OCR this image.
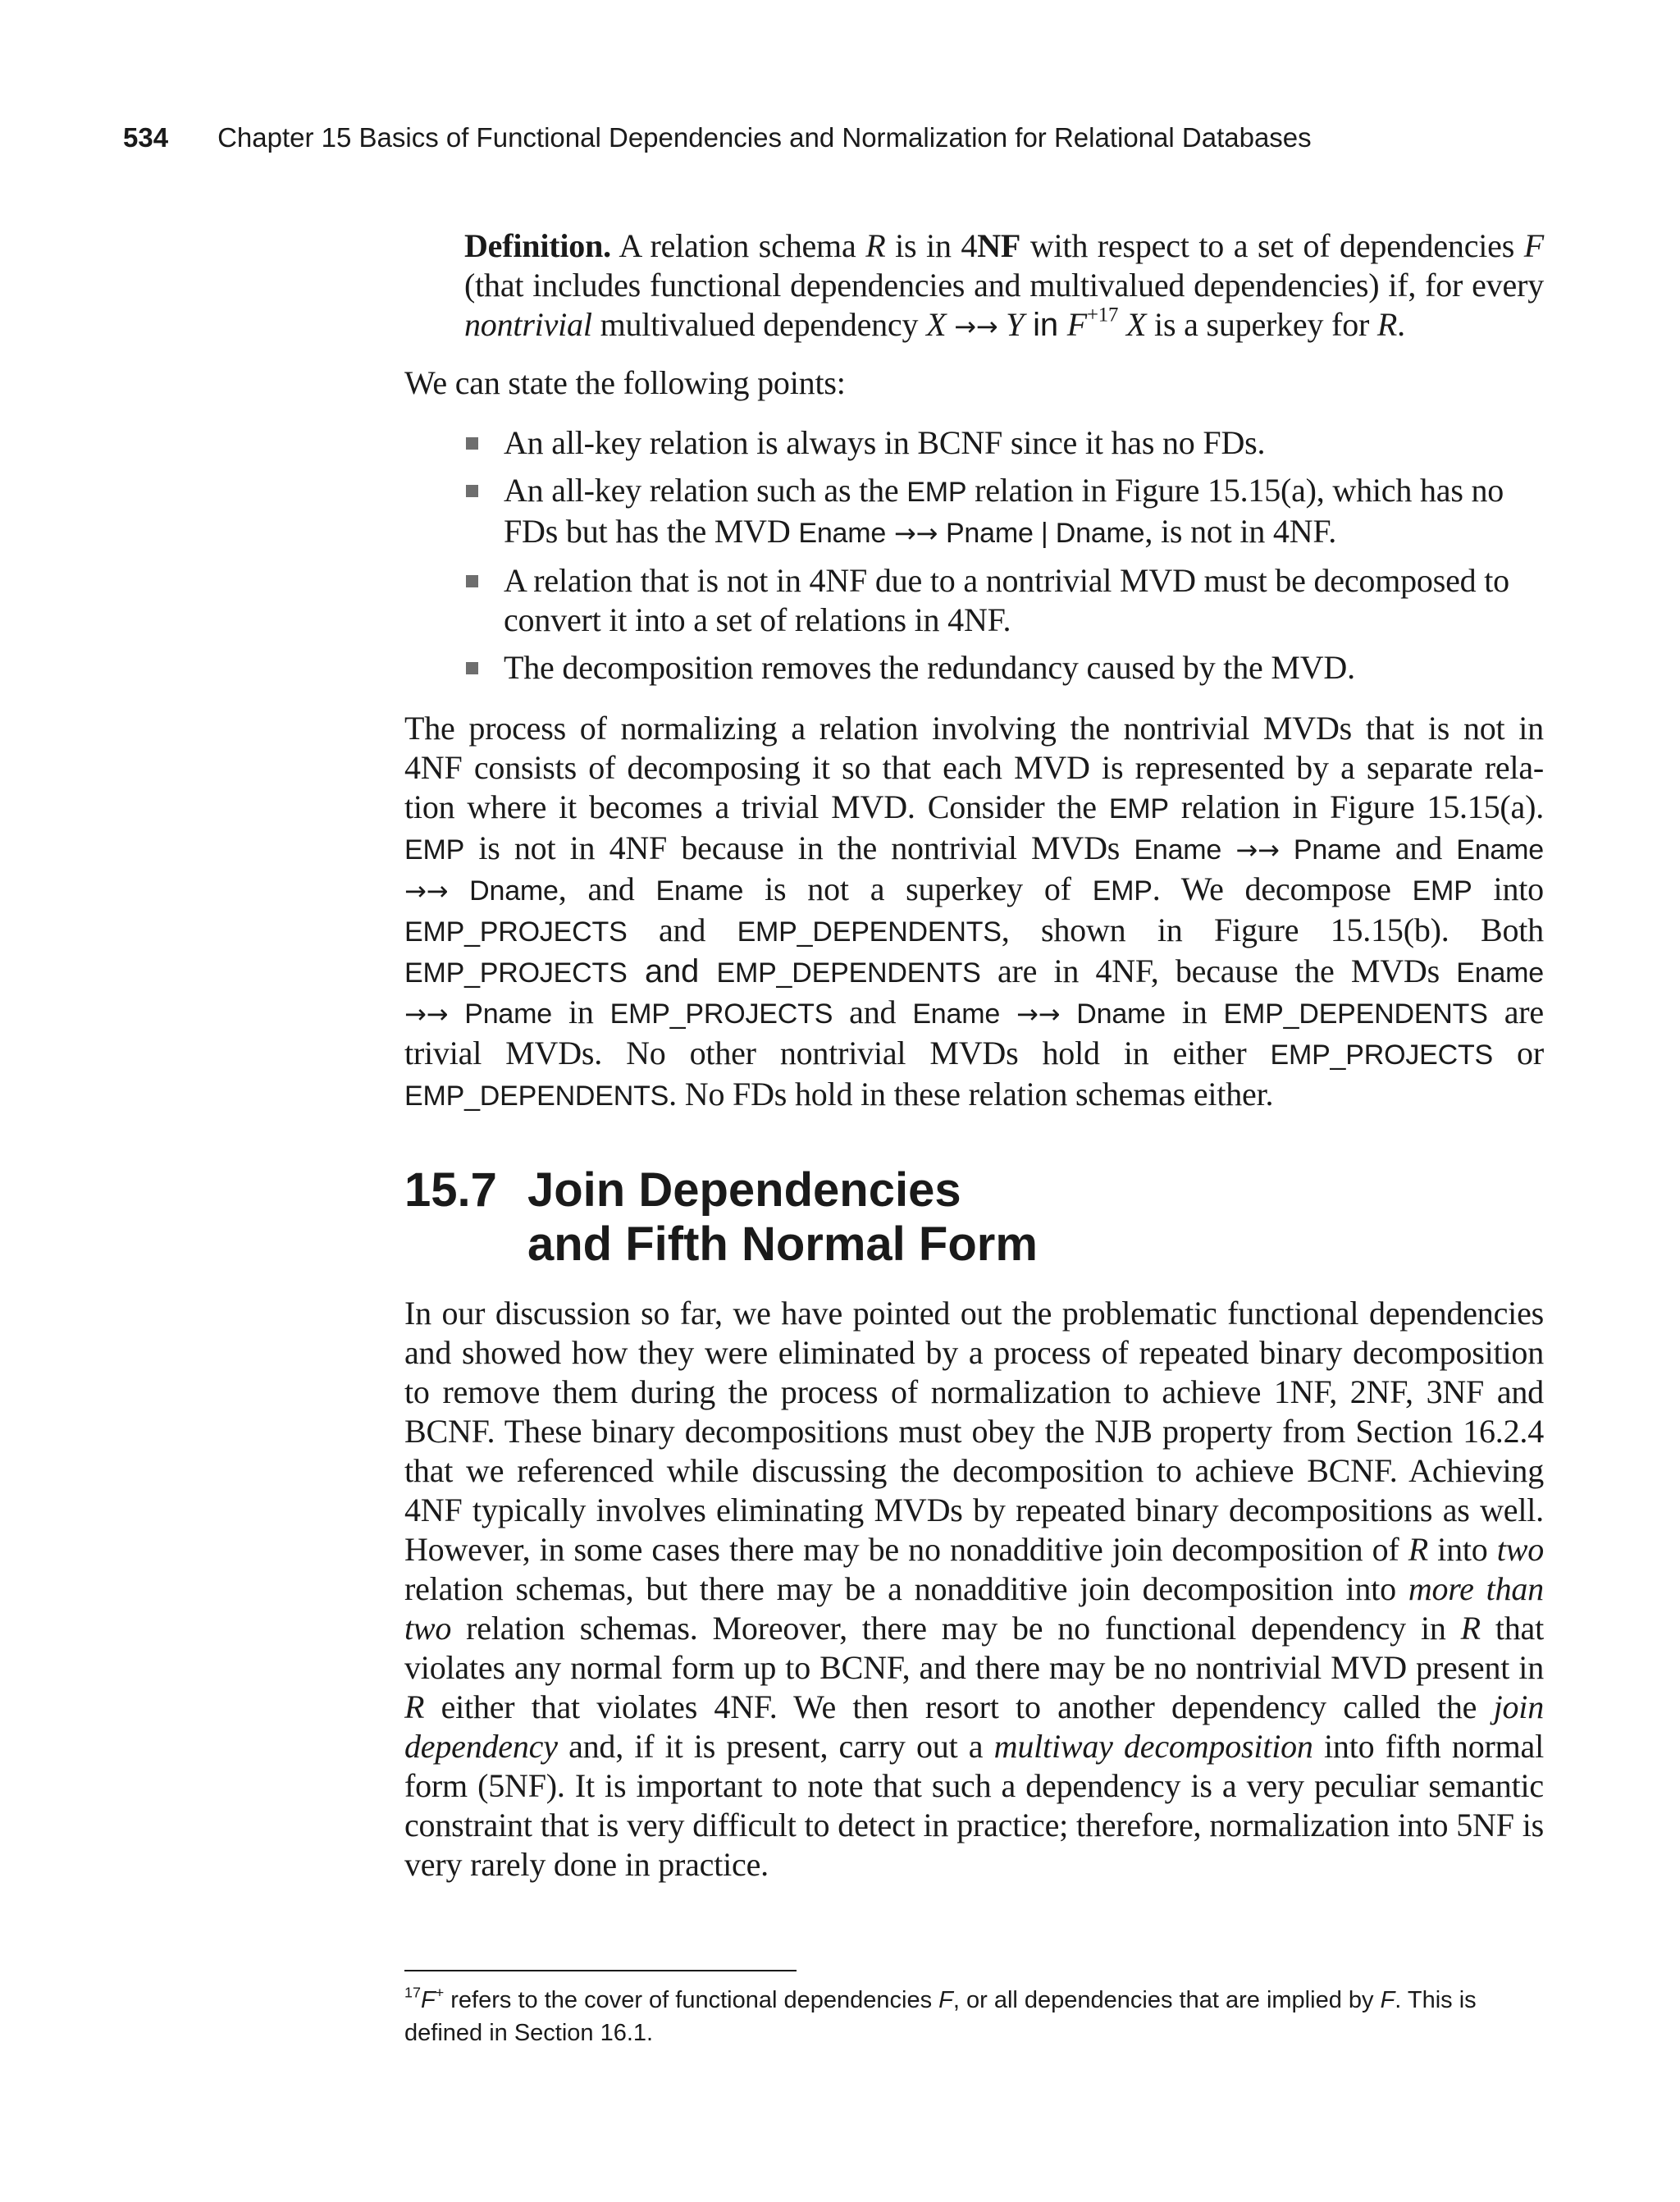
534 Chapter 15 Basics of Functional Dependencies and Normalization for Relational Databases
Definition. A relation schema R is in 4NF with respect to a set of dependencies F (that includes functional dependencies and multivalued dependencies) if, for every nontrivial multivalued dependency X →→ Y in $F^{+17}$ X is a superkey for R.
We can state the following points:
An all-key relation is always in BCNF since it has no FDs.
An all-key relation such as the EMP relation in Figure 15.15(a), which has no FDs but has the MVD Ename →→ Pname | Dname, is not in 4NF.
A relation that is not in 4NF due to a nontrivial MVD must be decomposed to convert it into a set of relations in 4NF.
The decomposition removes the redundancy caused by the MVD.
The process of normalizing a relation involving the nontrivial MVDs that is not in
4NF consists of decomposing it so that each MVD is represented by a separate rela-
tion where it becomes a trivial MVD. Consider the EMP relation in Figure 15.15(a).
EMP is not in 4NF because in the nontrivial MVDs Ename →→ Pname and Ename
→→ Dname, and Ename is not a superkey of EMP. We decompose EMP into
EMP_PROJECTS and EMP_DEPENDENTS, shown in Figure 15.15(b). Both
EMP_PROJECTS and EMP_DEPENDENTS are in 4NF, because the MVDs Ename
→→ Pname in EMP_PROJECTS and Ename →→ Dname in EMP_DEPENDENTS are
trivial MVDs. No other nontrivial MVDs hold in either EMP_PROJECTS or
EMP_DEPENDENTS. No FDs hold in these relation schemas either.
15.7 Join Dependencies
and Fifth Normal Form
In our discussion so far, we have pointed out the problematic functional dependencies and showed how they were eliminated by a process of repeated binary decomposition to remove them during the process of normalization to achieve 1NF, 2NF, 3NF and BCNF. These binary decompositions must obey the NJB property from Section 16.2.4 that we referenced while discussing the decomposition to achieve BCNF. Achieving 4NF typically involves eliminating MVDs by repeated binary decompositions as well. However, in some cases there may be no nonadditive join decomposition of R into two relation schemas, but there may be a nonadditive join decomposition into more than two relation schemas. Moreover, there may be no functional dependency in R that violates any normal form up to BCNF, and there may be no nontrivial MVD present in R either that violates 4NF. We then resort to another dependency called the join dependency and, if it is present, carry out a multiway decomposition into fifth normal form (5NF). It is important to note that such a dependency is a very peculiar semantic constraint that is very difficult to detect in practice; therefore, normalization into 5NF is very rarely done in practice.
$^{17}$F+ refers to the cover of functional dependencies F, or all dependencies that are implied by F. This is defined in Section 16.1.
